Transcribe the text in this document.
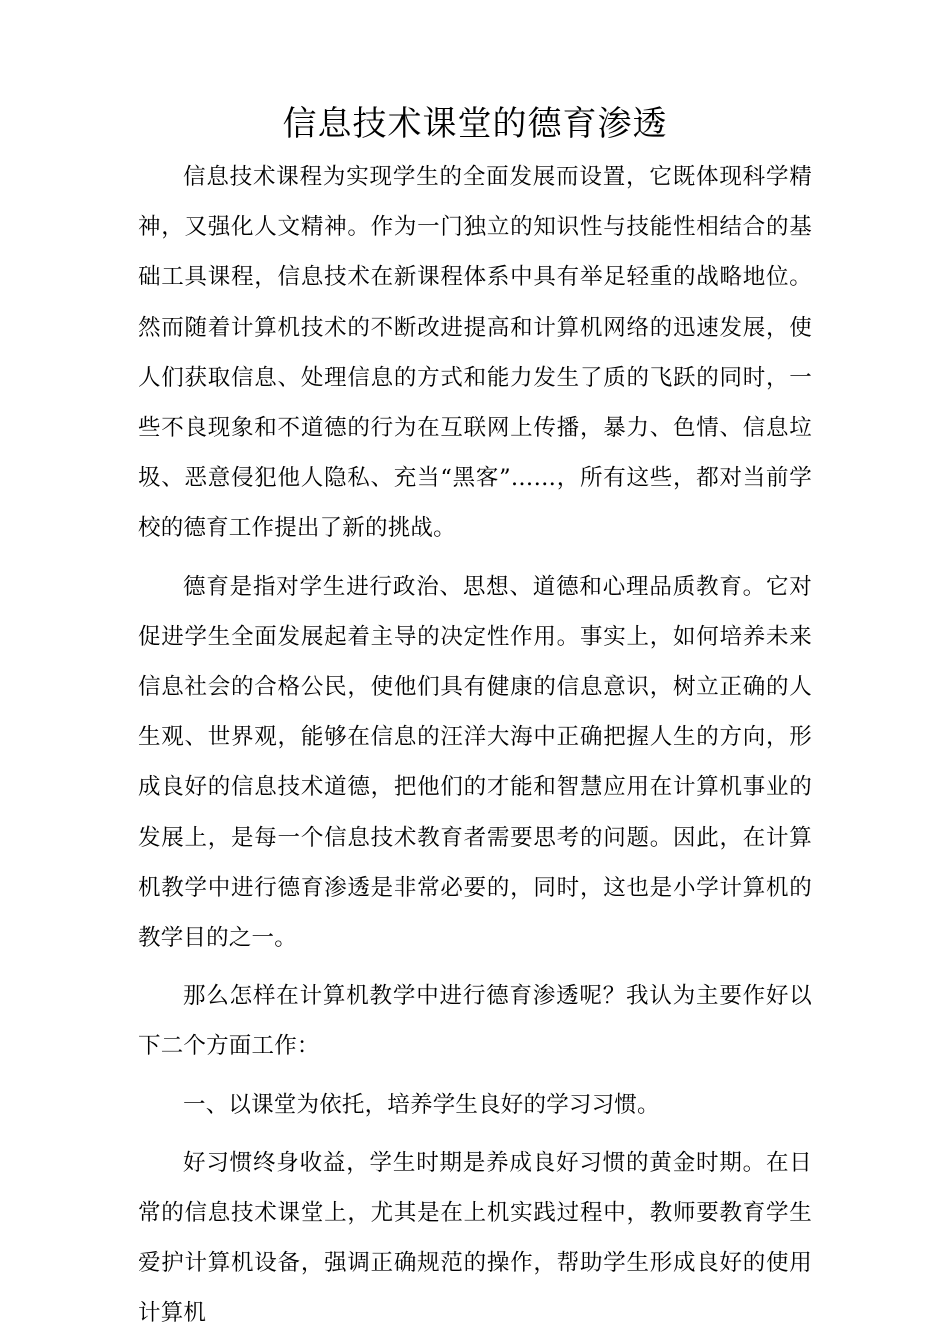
信息技术课堂的德育渗透

信息技术课程为实现学生的全面发展而设置，它既体现科学精神，又强化人文精神。作为一门独立的知识性与技能性相结合的基础工具课程，信息技术在新课程体系中具有举足轻重的战略地位。然而随着计算机技术的不断改进提高和计算机网络的迅速发展，使人们获取信息、处理信息的方式和能力发生了质的飞跃的同时，一些不良现象和不道德的行为在互联网上传播，暴力、色情、信息垃圾、恶意侵犯他人隐私、充当“黑客”……，所有这些，都对当前学校的德育工作提出了新的挑战。

德育是指对学生进行政治、思想、道德和心理品质教育。它对促进学生全面发展起着主导的决定性作用。事实上，如何培养未来信息社会的合格公民，使他们具有健康的信息意识，树立正确的人生观、世界观，能够在信息的汪洋大海中正确把握人生的方向，形成良好的信息技术道德，把他们的才能和智慧应用在计算机事业的发展上，是每一个信息技术教育者需要思考的问题。因此，在计算机教学中进行德育渗透是非常必要的，同时，这也是小学计算机的教学目的之一。

那么怎样在计算机教学中进行德育渗透呢？我认为主要作好以下二个方面工作：

一、以课堂为依托，培养学生良好的学习习惯。

好习惯终身收益，学生时期是养成良好习惯的黄金时期。在日常的信息技术课堂上，尤其是在上机实践过程中，教师要教育学生爱护计算机设备，强调正确规范的操作，帮助学生形成良好的使用计算机
